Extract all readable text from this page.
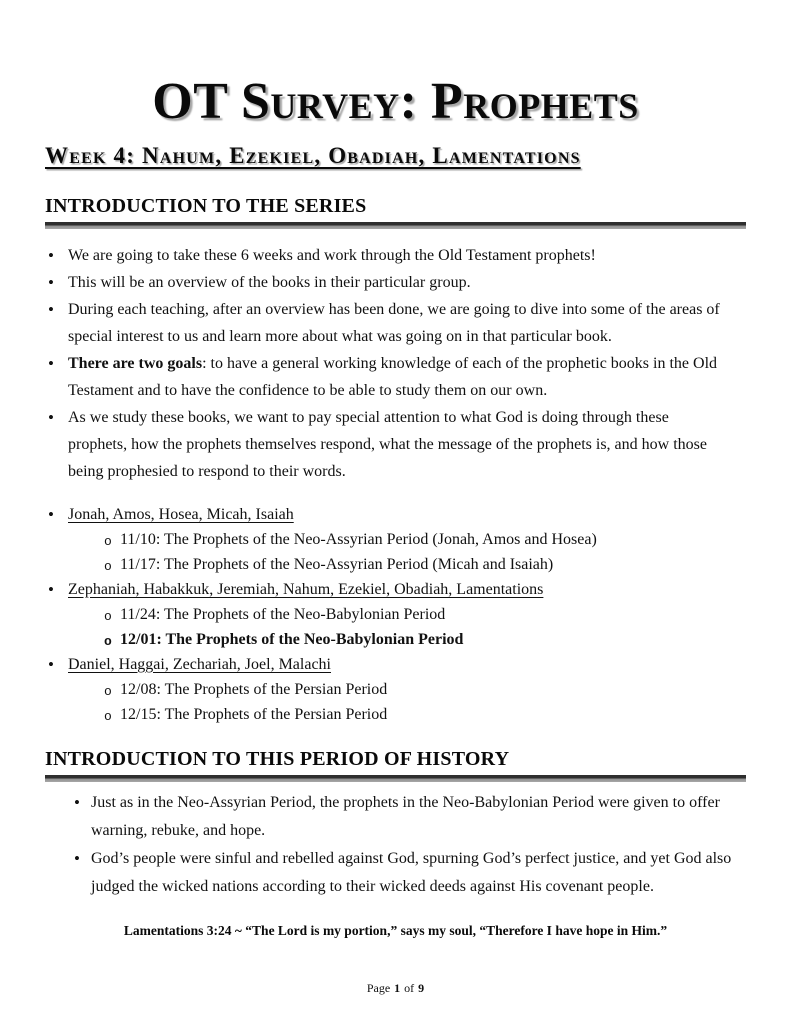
OT Survey: Prophets
Week 4: Nahum, Ezekiel, Obadiah, Lamentations
INTRODUCTION TO THE SERIES
•
We are going to take these 6 weeks and work through the Old Testament prophets!
•
This will be an overview of the books in their particular group.
•
During each teaching, after an overview has been done, we are going to dive into some of the areas of special interest to us and learn more about what was going on in that particular book.
•
There are two goals: to have a general working knowledge of each of the prophetic books in the Old Testament and to have the confidence to be able to study them on our own.
•
As we study these books, we want to pay special attention to what God is doing through these prophets, how the prophets themselves respond, what the message of the prophets is, and how those being prophesied to respond to their words.
•
Jonah, Amos, Hosea, Micah, Isaiah
o
11/10: The Prophets of the Neo-Assyrian Period (Jonah, Amos and Hosea)
o
11/17: The Prophets of the Neo-Assyrian Period (Micah and Isaiah)
•
Zephaniah, Habakkuk, Jeremiah, Nahum, Ezekiel, Obadiah, Lamentations
o
11/24: The Prophets of the Neo-Babylonian Period
o
12/01: The Prophets of the Neo-Babylonian Period
•
Daniel, Haggai, Zechariah, Joel, Malachi
o
12/08: The Prophets of the Persian Period
o
12/15: The Prophets of the Persian Period
INTRODUCTION TO THIS PERIOD OF HISTORY
•
Just as in the Neo-Assyrian Period, the prophets in the Neo-Babylonian Period were given to offer warning, rebuke, and hope.
•
God’s people were sinful and rebelled against God, spurning God’s perfect justice, and yet God also judged the wicked nations according to their wicked deeds against His covenant people.
Lamentations 3:24 ~ “The Lord is my portion,” says my soul, “Therefore I have hope in Him.”
Page 1 of 9
